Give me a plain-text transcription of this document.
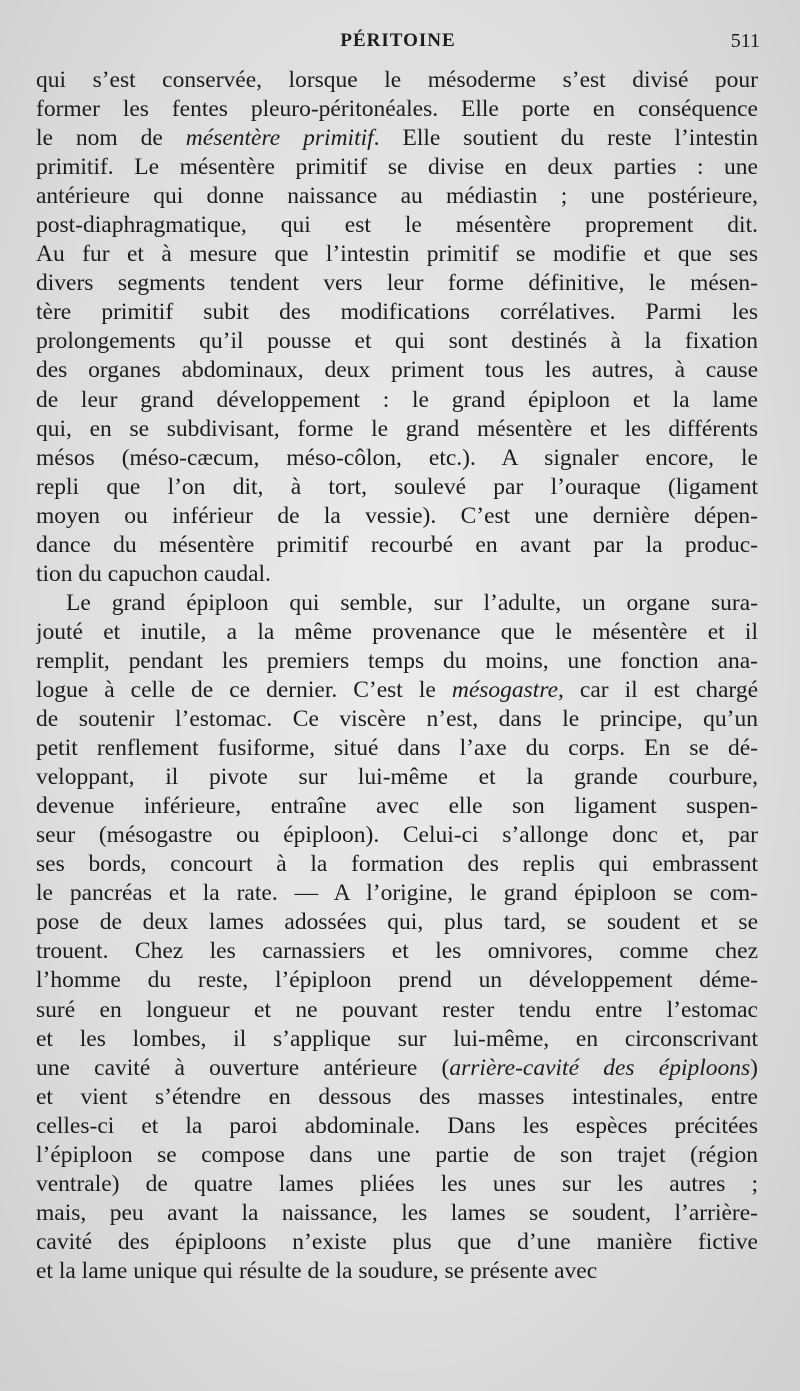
PÉRITOINE	511
qui s’est conservée, lorsque le mésoderme s’est divisé pour
former les fentes pleuro-péritonéales. Elle porte en conséquence
le nom de mésentère primitif. Elle soutient du reste l’intestin
primitif. Le mésentère primitif se divise en deux parties : une
antérieure qui donne naissance au médiastin ; une postérieure,
post-diaphragmatique, qui est le mésentère proprement dit.
Au fur et à mesure que l’intestin primitif se modifie et que ses
divers segments tendent vers leur forme définitive, le mésen-
tère primitif subit des modifications corrélatives. Parmi les
prolongements qu’il pousse et qui sont destinés à la fixation
des organes abdominaux, deux priment tous les autres, à cause
de leur grand développement : le grand épiploon et la lame
qui, en se subdivisant, forme le grand mésentère et les différents
mésos (méso-cæcum, méso-côlon, etc.). A signaler encore, le
repli que l’on dit, à tort, soulevé par l’ouraque (ligament
moyen ou inférieur de la vessie). C’est une dernière dépen-
dance du mésentère primitif recourbé en avant par la produc-
tion du capuchon caudal.
Le grand épiploon qui semble, sur l’adulte, un organe sura-
jouté et inutile, a la même provenance que le mésentère et il
remplit, pendant les premiers temps du moins, une fonction ana-
logue à celle de ce dernier. C’est le mésogastre, car il est chargé
de soutenir l’estomac. Ce viscère n’est, dans le principe, qu’un
petit renflement fusiforme, situé dans l’axe du corps. En se dé-
veloppant, il pivote sur lui-même et la grande courbure,
devenue inférieure, entraîne avec elle son ligament suspen-
seur (mésogastre ou épiploon). Celui-ci s’allonge donc et, par
ses bords, concourt à la formation des replis qui embrassent
le pancréas et la rate. — A l’origine, le grand épiploon se com-
pose de deux lames adossées qui, plus tard, se soudent et se
trouent. Chez les carnassiers et les omnivores, comme chez
l’homme du reste, l’épiploon prend un développement déme-
suré en longueur et ne pouvant rester tendu entre l’estomac
et les lombes, il s’applique sur lui-même, en circonscrivant
une cavité à ouverture antérieure (arrière-cavité des épiploons)
et vient s’étendre en dessous des masses intestinales, entre
celles-ci et la paroi abdominale. Dans les espèces précitées
l’épiploon se compose dans une partie de son trajet (région
ventrale) de quatre lames pliées les unes sur les autres ;
mais, peu avant la naissance, les lames se soudent, l’arrière-
cavité des épiploons n’existe plus que d’une manière fictive
et la lame unique qui résulte de la soudure, se présente avec
